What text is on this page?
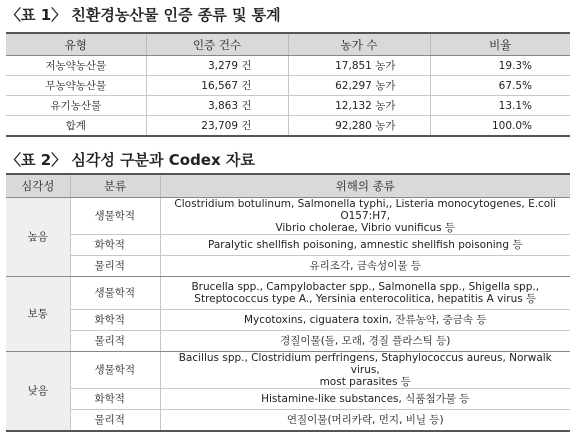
〈표 1〉 친환경농산물 인증 종류 및 통계
유형	인증 건수	농가 수	비율
저농약농산물	3,279 건	17,851 농가	19.3%
무농약농산물	16,567 건	62,297 농가	67.5%
유기농산물	3,863 건	12,132 농가	13.1%
합계	23,709 건	92,280 농가	100.0%
〈표 2〉 심각성 구분과 Codex 자료
심각성	분류	위해의 종류
높음	생물학적	Clostridium botulinum, Salmonella typhi,, Listeria monocytogenes, E.coli O157:H7,
Vibrio cholerae, Vibrio vunificus 등

	화학적	Paralytic shellfish poisoning, amnestic shellfish poisoning 등
	물리적	유리조각, 금속성이물 등
보통	생물학적	Brucella spp., Campylobacter spp., Salmonella spp., Shigella spp.,
Streptococcus type A., Yersinia enterocolitica, hepatitis A virus 등

	화학적	Mycotoxins, ciguatera toxin, 잔류농약, 중금속 등
	물리적	경질이물(돌, 모래, 경질 플라스틱 등)
낮음	생물학적	Bacillus spp., Clostridium perfringens, Staphylococcus aureus, Norwalk virus,
most parasites 등

	화학적	Histamine-like substances, 식품첨가물 등
	물리적	연질이물(머리카락, 먼지, 비닐 등)
